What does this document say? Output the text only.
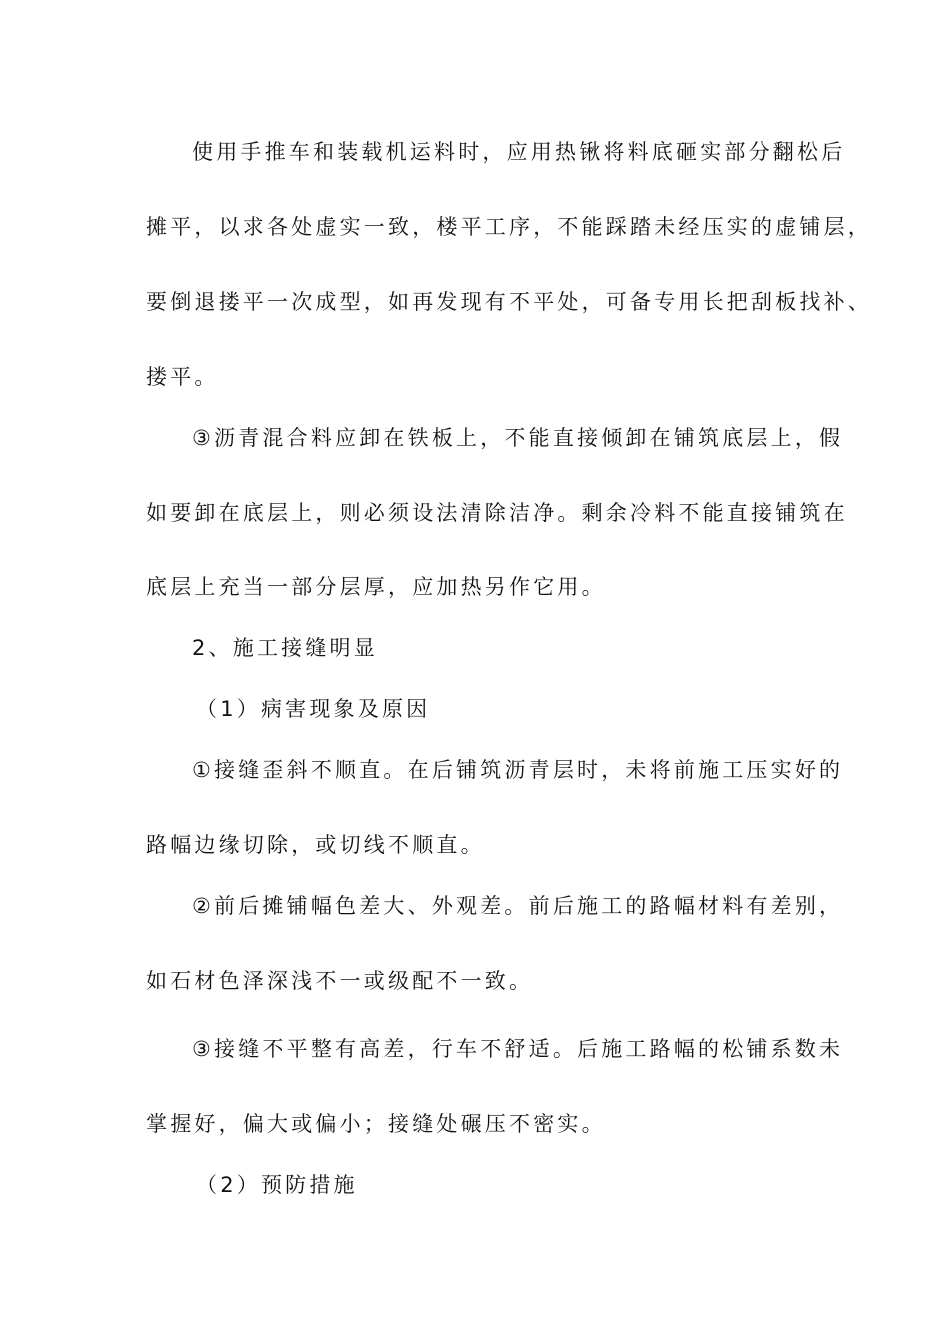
使用手推车和装载机运料时，应用热锹将料底砸实部分翻松后
摊平，以求各处虚实一致，楼平工序，不能踩踏未经压实的虚铺层，
要倒退搂平一次成型，如再发现有不平处，可备专用长把刮板找补、
搂平。
③沥青混合料应卸在铁板上，不能直接倾卸在铺筑底层上，假
如要卸在底层上，则必须设法清除洁净。剩余冷料不能直接铺筑在
底层上充当一部分层厚，应加热另作它用。
2、施工接缝明显
（1）病害现象及原因
①接缝歪斜不顺直。在后铺筑沥青层时，未将前施工压实好的
路幅边缘切除，或切线不顺直。
②前后摊铺幅色差大、外观差。前后施工的路幅材料有差别，
如石材色泽深浅不一或级配不一致。
③接缝不平整有高差，行车不舒适。后施工路幅的松铺系数未
掌握好，偏大或偏小；接缝处碾压不密实。
（2）预防措施
